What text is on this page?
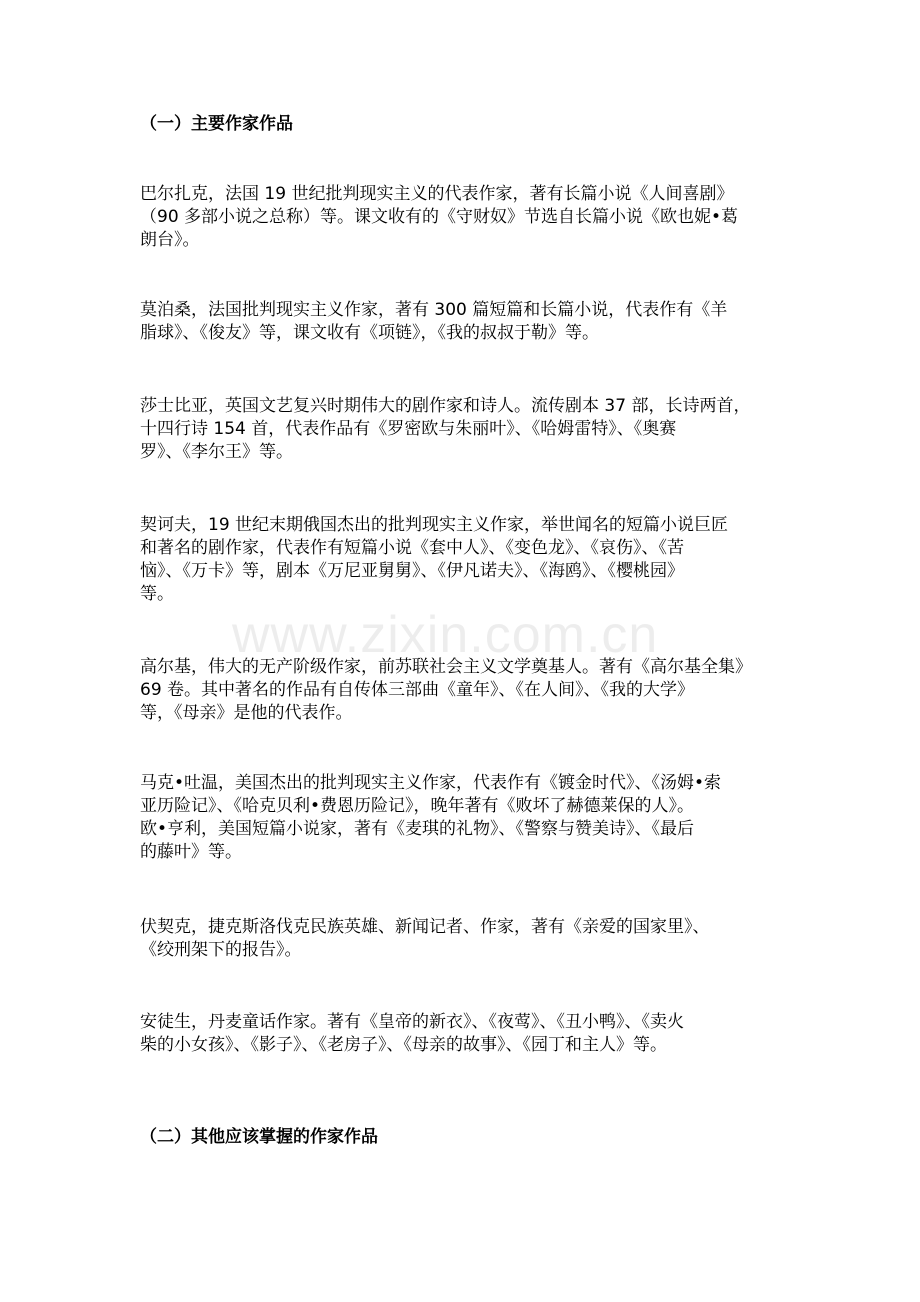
（一）主要作家作品
巴尔扎克，法国 19 世纪批判现实主义的代表作家，著有长篇小说《人间喜剧》
（90 多部小说之总称）等。课文收有的《守财奴》节选自长篇小说《欧也妮•葛
朗台》。
莫泊桑，法国批判现实主义作家，著有 300 篇短篇和长篇小说，代表作有《羊
脂球》、《俊友》等，课文收有《项链》，《我的叔叔于勒》等。
莎士比亚，英国文艺复兴时期伟大的剧作家和诗人。流传剧本 37 部，长诗两首，
十四行诗 154 首，代表作品有《罗密欧与朱丽叶》、《哈姆雷特》、《奥赛
罗》、《李尔王》等。
契诃夫，19 世纪末期俄国杰出的批判现实主义作家，举世闻名的短篇小说巨匠
和著名的剧作家，代表作有短篇小说《套中人》、《变色龙》、《哀伤》、《苦
恼》、《万卡》等，剧本《万尼亚舅舅》、《伊凡诺夫》、《海鸥》、《樱桃园》
等。
www.zixin.com.cn
高尔基，伟大的无产阶级作家，前苏联社会主义文学奠基人。著有《高尔基全集》
69 卷。其中著名的作品有自传体三部曲《童年》、《在人间》、《我的大学》
等，《母亲》是他的代表作。
马克•吐温，美国杰出的批判现实主义作家，代表作有《镀金时代》、《汤姆•索
亚历险记》、《哈克贝利•费恩历险记》，晚年著有《败坏了赫德莱保的人》。
欧•亨利，美国短篇小说家，著有《麦琪的礼物》、《警察与赞美诗》、《最后
的藤叶》等。
伏契克，捷克斯洛伐克民族英雄、新闻记者、作家，著有《亲爱的国家里》、
《绞刑架下的报告》。
安徒生，丹麦童话作家。著有《皇帝的新衣》、《夜莺》、《丑小鸭》、《卖火
柴的小女孩》、《影子》、《老房子》、《母亲的故事》、《园丁和主人》等。
（二）其他应该掌握的作家作品
